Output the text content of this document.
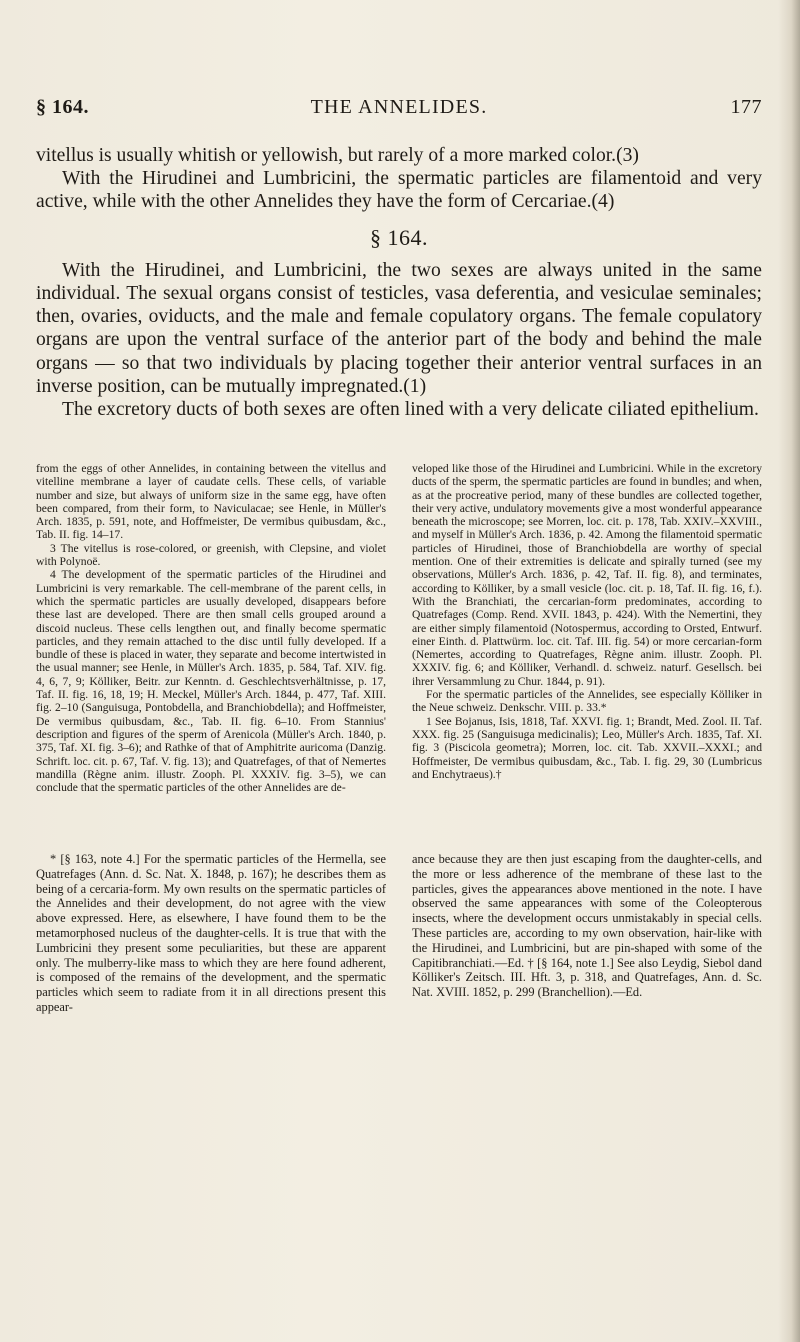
§ 164.	THE ANNELIDES.	177

vitellus is usually whitish or yellowish, but rarely of a more marked color.(3)

With the Hirudinei and Lumbricini, the spermatic particles are filamentoid and very active, while with the other Annelides they have the form of Cercariae.(4)

§ 164.

With the Hirudinei, and Lumbricini, the two sexes are always united in the same individual. The sexual organs consist of testicles, vasa deferentia, and vesiculae seminales; then, ovaries, oviducts, and the male and female copulatory organs. The female copulatory organs are upon the ventral surface of the anterior part of the body and behind the male organs — so that two individuals by placing together their anterior ventral surfaces in an inverse position, can be mutually impregnated.(1)

The excretory ducts of both sexes are often lined with a very delicate ciliated epithelium.

from the eggs of other Annelides, in containing between the vitellus and vitelline membrane a layer of caudate cells. These cells, of variable number and size, but always of uniform size in the same egg, have often been compared, from their form, to Naviculacae; see Henle, in Müller's Arch. 1835, p. 591, note, and Hoffmeister, De vermibus quibusdam, &c., Tab. II. fig. 14–17.

3 The vitellus is rose-colored, or greenish, with Clepsine, and violet with Polynoë.

4 The development of the spermatic particles of the Hirudinei and Lumbricini is very remarkable. The cell-membrane of the parent cells, in which the spermatic particles are usually developed, disappears before these last are developed. There are then small cells grouped around a discoid nucleus. These cells lengthen out, and finally become spermatic particles, and they remain attached to the disc until fully developed. If a bundle of these is placed in water, they separate and become intertwisted in the usual manner; see Henle, in Müller's Arch. 1835, p. 584, Taf. XIV. fig. 4, 6, 7, 9; Kölliker, Beitr. zur Kenntn. d. Geschlechtsverhältnisse, p. 17, Taf. II. fig. 16, 18, 19; H. Meckel, Müller's Arch. 1844, p. 477, Taf. XIII. fig. 2–10 (Sanguisuga, Pontobdella, and Branchiobdella); and Hoffmeister, De vermibus quibusdam, &c., Tab. II. fig. 6–10. From Stannius' description and figures of the sperm of Arenicola (Müller's Arch. 1840, p. 375, Taf. XI. fig. 3–6); and Rathke of that of Amphitrite auricoma (Danzig. Schrift. loc. cit. p. 67, Taf. V. fig. 13); and Quatrefages, of that of Nemertes mandilla (Règne anim. illustr. Zooph. Pl. XXXIV. fig. 3–5), we can conclude that the spermatic particles of the other Annelides are de-

veloped like those of the Hirudinei and Lumbricini. While in the excretory ducts of the sperm, the spermatic particles are found in bundles; and when, as at the procreative period, many of these bundles are collected together, their very active, undulatory movements give a most wonderful appearance beneath the microscope; see Morren, loc. cit. p. 178, Tab. XXIV.–XXVIII., and myself in Müller's Arch. 1836, p. 42. Among the filamentoid spermatic particles of Hirudinei, those of Branchiobdella are worthy of special mention. One of their extremities is delicate and spirally turned (see my observations, Müller's Arch. 1836, p. 42, Taf. II. fig. 8), and terminates, according to Kölliker, by a small vesicle (loc. cit. p. 18, Taf. II. fig. 16, f.). With the Branchiati, the cercarian-form predominates, according to Quatrefages (Comp. Rend. XVII. 1843, p. 424). With the Nemertini, they are either simply filamentoid (Notospermus, according to Orsted, Entwurf. einer Einth. d. Plattwürm. loc. cit. Taf. III. fig. 54) or more cercarian-form (Nemertes, according to Quatrefages, Règne anim. illustr. Zooph. Pl. XXXIV. fig. 6; and Kölliker, Verhandl. d. schweiz. naturf. Gesellsch. bei ihrer Versammlung zu Chur. 1844, p. 91).

For the spermatic particles of the Annelides, see especially Kölliker in the Neue schweiz. Denkschr. VIII. p. 33.*

1 See Bojanus, Isis, 1818, Taf. XXVI. fig. 1; Brandt, Med. Zool. II. Taf. XXX. fig. 25 (Sanguisuga medicinalis); Leo, Müller's Arch. 1835, Taf. XI. fig. 3 (Piscicola geometra); Morren, loc. cit. Tab. XXVII.–XXXI.; and Hoffmeister, De vermibus quibusdam, &c., Tab. I. fig. 29, 30 (Lumbricus and Enchytraeus).†

* [§ 163, note 4.] For the spermatic particles of the Hermella, see Quatrefages (Ann. d. Sc. Nat. X. 1848, p. 167); he describes them as being of a cercaria-form. My own results on the spermatic particles of the Annelides and their development, do not agree with the view above expressed. Here, as elsewhere, I have found them to be the metamorphosed nucleus of the daughter-cells. It is true that with the Lumbricini they present some peculiarities, but these are apparent only. The mulberry-like mass to which they are here found adherent, is composed of the remains of the development, and the spermatic particles which seem to radiate from it in all directions present this appear-

ance because they are then just escaping from the daughter-cells, and the more or less adherence of the membrane of these last to the particles, gives the appearances above mentioned in the note. I have observed the same appearances with some of the Coleopterous insects, where the development occurs unmistakably in special cells. These particles are, according to my own observation, hair-like with the Hirudinei, and Lumbricini, but are pin-shaped with some of the Capitibranchiati.—Ed. † [§ 164, note 1.] See also Leydig, Siebol dand Kölliker's Zeitsch. III. Hft. 3, p. 318, and Quatrefages, Ann. d. Sc. Nat. XVIII. 1852, p. 299 (Branchellion).—Ed.
